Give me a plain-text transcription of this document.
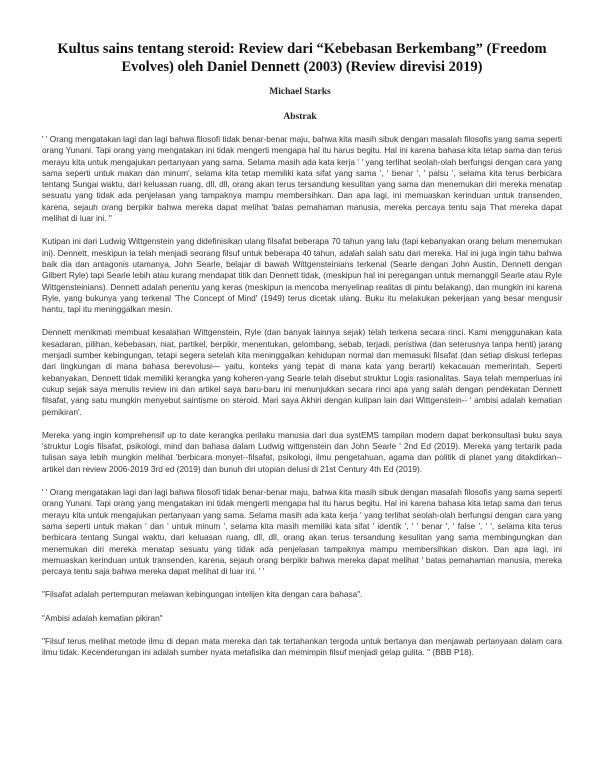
Kultus sains tentang steroid: Review dari “Kebebasan Berkembang” (Freedom Evolves) oleh Daniel Dennett (2003) (Review direvisi 2019)
Michael Starks
Abstrak

' ' Orang mengatakan lagi dan lagi bahwa filosofi tidak benar-benar maju, bahwa kita masih sibuk dengan masalah filosofis yang sama seperti orang Yunani. Tapi orang yang mengatakan ini tidak mengerti mengapa hal itu harus begitu. Hal ini karena bahasa kita tetap sama dan terus merayu kita untuk mengajukan pertanyaan yang sama. Selama masih ada kata kerja ' ' yang terlihat seolah-olah berfungsi dengan cara yang sama seperti untuk makan dan minum', selama kita tetap memiliki kata sifat yang sama ', ' benar ', ' palsu ', selama kita terus berbicara tentang Sungai waktu, dari keluasan ruang, dll, dll, orang akan terus tersandung kesulitan yang sama dan menemukan diri mereka menatap sesuatu yang tidak ada penjelasan yang tampaknya mampu membersihkan. Dan apa lagi, ini memuaskan kerinduan untuk transenden, karena, sejauh orang berpikir bahwa mereka dapat melihat 'batas pemahaman manusia, mereka percaya tentu saja That mereka dapat melihat di luar ini. "

Kutipan ini dari Ludwig Wittgenstein yang didefinisikan ulang filsafat beberapa 70 tahun yang lalu (tapi kebanyakan orang belum menemukan ini). Dennett, meskipun ia telah menjadi seorang filsuf untuk beberapa 40 tahun, adalah salah satu dari mereka. Hal ini juga ingin tahu bahwa baik dia dan antagonis utamanya, John Searle, belajar di bawah Wittgensteinians terkenal (Searle dengan John Austin, Dennett dengan Gilbert Ryle) tapi Searle lebih atau kurang mendapat titik dan Dennett tidak, (meskipun hal ini peregangan untuk memanggil Searle atau Ryle Wittgensteinians). Dennett adalah penentu yang keras (meskipun ia mencoba menyelinap realitas di pintu belakang), dan mungkin ini karena Ryle, yang bukunya yang terkenal 'The Concept of Mind' (1949) terus dicetak ulang. Buku itu melakukan pekerjaan yang besar mengusir hantu, tapi itu meninggalkan mesin.

Dennett menikmati membuat kesalahan Wittgenstein, Ryle (dan banyak lainnya sejak) telah terkena secara rinci. Kami menggunakan kata kesadaran, pilihan, kebebasan, niat, partikel, berpikir, menentukan, gelombang, sebab, terjadi, peristiwa (dan seterusnya tanpa henti) jarang menjadi sumber kebingungan, tetapi segera setelah kita meninggalkan kehidupan normal dan memasuki filsafat (dan setiap diskusi terlepas dari lingkungan di mana bahasa berevolusi— yaitu, konteks yang tepat di mana kata yang berarti) kekacauan memerintah. Seperti kebanyakan, Dennett tidak memiliki kerangka yang koheren-yang Searle telah disebut struktur Logis rasionalitas. Saya telah memperluas ini cukup sejak saya menulis review ini dan artikel saya baru-baru ini menunjukkan secara rinci apa yang salah dengan pendekatan Dennett filsafat, yang satu mungkin menyebut saintisme on steroid. Mari saya Akhiri dengan kutipan lain dari Wittgenstein-- ' ambisi adalah kematian pemikiran'.

Mereka yang ingin komprehensif up to date kerangka perilaku manusia dari dua systEMS tampilan modern dapat berkonsultasi buku saya 'struktur Logis filsafat, psikologi, mind dan bahasa dalam Ludwig wittgenstein dan John Searle ' 2nd Ed (2019). Mereka yang tertarik pada tulisan saya lebih mungkin melihat 'berbicara monyet--filsafat, psikologi, ilmu pengetahuan, agama dan politik di planet yang ditakdirkan--artikel dan review 2006-2019 3rd ed (2019) dan bunuh diri utopian delusi di 21st Century 4th Ed (2019).

' ' Orang mengatakan lagi dan lagi bahwa filosofi tidak benar-benar maju, bahwa kita masih sibuk dengan masalah filosofis yang sama seperti orang Yunani. Tapi orang yang mengatakan ini tidak mengerti mengapa hal itu harus begitu. Hal ini karena bahasa kita tetap sama dan terus merayu kita untuk mengajukan pertanyaan yang sama. Selama masih ada kata kerja ' yang terlihat seolah-olah berfungsi dengan cara yang sama seperti untuk makan ' dan ' untuk minum ', selama kita masih memiliki kata sifat ' identik ', ' ' benar ', ' false ', ' ', selama kita terus berbicara tentang Sungai waktu, dari keluasan ruang, dll, dll, orang akan terus tersandung kesulitan yang sama membingungkan dan menemukan diri mereka menatap sesuatu yang tidak ada penjelasan tampaknya mampu membersihkan diskon. Dan apa lagi, ini memuaskan kerinduan untuk transenden, karena, sejauh orang berpikir bahwa mereka dapat melihat ' batas pemahaman manusia, mereka percaya tentu saja bahwa mereka dapat melihat di luar ini. ' '

"Filsafat adalah pertempuran melawan kebingungan intelijen kita dengan cara bahasa".

"Ambisi adalah kematian pikiran"

"Filsuf terus melihat metode ilmu di depan mata mereka dan tak tertahankan tergoda untuk bertanya dan menjawab pertanyaan dalam cara ilmu tidak. Kecenderungan ini adalah sumber nyata metafisika dan memimpin filsuf menjadi gelap gulita. " (BBB P18).
